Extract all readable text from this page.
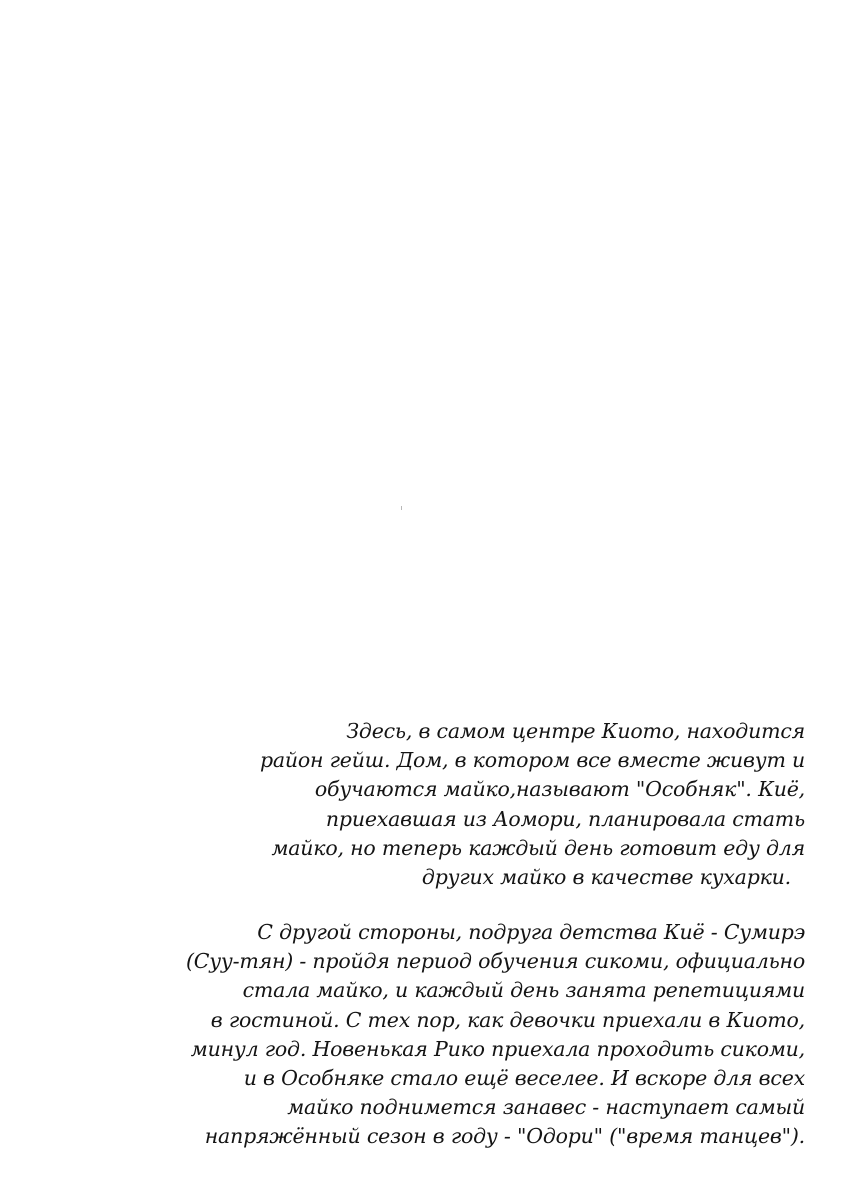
Здесь, в самом центре Киото, находится
район гейш. Дом, в котором все вместе живут и
обучаются майко,называют "Особняк". Киё,
приехавшая из Аомори, планировала стать
майко, но теперь каждый день готовит еду для
других майко в качестве кухарки.
С другой стороны, подруга детства Киё - Сумирэ
(Суу-тян) - пройдя период обучения сикоми, официально
стала майко, и каждый день занята репетициями
в гостиной. С тех пор, как девочки приехали в Киото,
минул год. Новенькая Рико приехала проходить сикоми,
и в Особняке стало ещё веселее. И вскоре для всех
майко поднимется занавес - наступает самый
напряжённый сезон в году - "Одори" ("время танцев").
